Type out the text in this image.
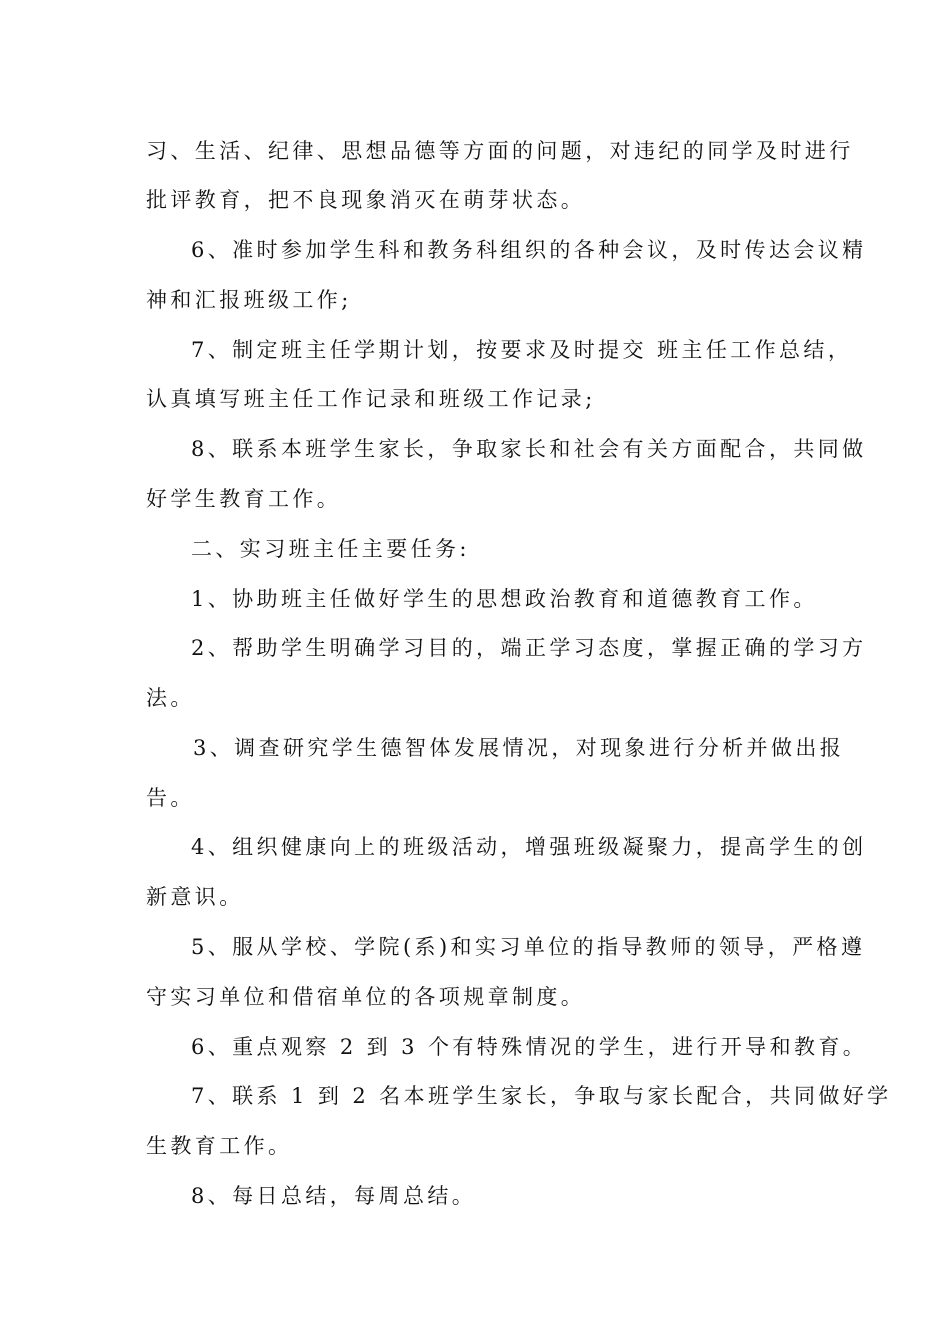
习、生活、纪律、思想品德等方面的问题，对违纪的同学及时进行
批评教育，把不良现象消灭在萌芽状态。
6、准时参加学生科和教务科组织的各种会议，及时传达会议精
神和汇报班级工作;
7、制定班主任学期计划，按要求及时提交 班主任工作总结，
认真填写班主任工作记录和班级工作记录;
8、联系本班学生家长，争取家长和社会有关方面配合，共同做
好学生教育工作。
二、实习班主任主要任务:
1、协助班主任做好学生的思想政治教育和道德教育工作。
2、帮助学生明确学习目的，端正学习态度，掌握正确的学习方
法。
3、调查研究学生德智体发展情况，对现象进行分析并做出报
告。
4、组织健康向上的班级活动，增强班级凝聚力，提高学生的创
新意识。
5、服从学校、学院(系)和实习单位的指导教师的领导，严格遵
守实习单位和借宿单位的各项规章制度。
6、重点观察 2 到 3 个有特殊情况的学生，进行开导和教育。
7、联系 1 到 2 名本班学生家长，争取与家长配合，共同做好学
生教育工作。
8、每日总结，每周总结。
